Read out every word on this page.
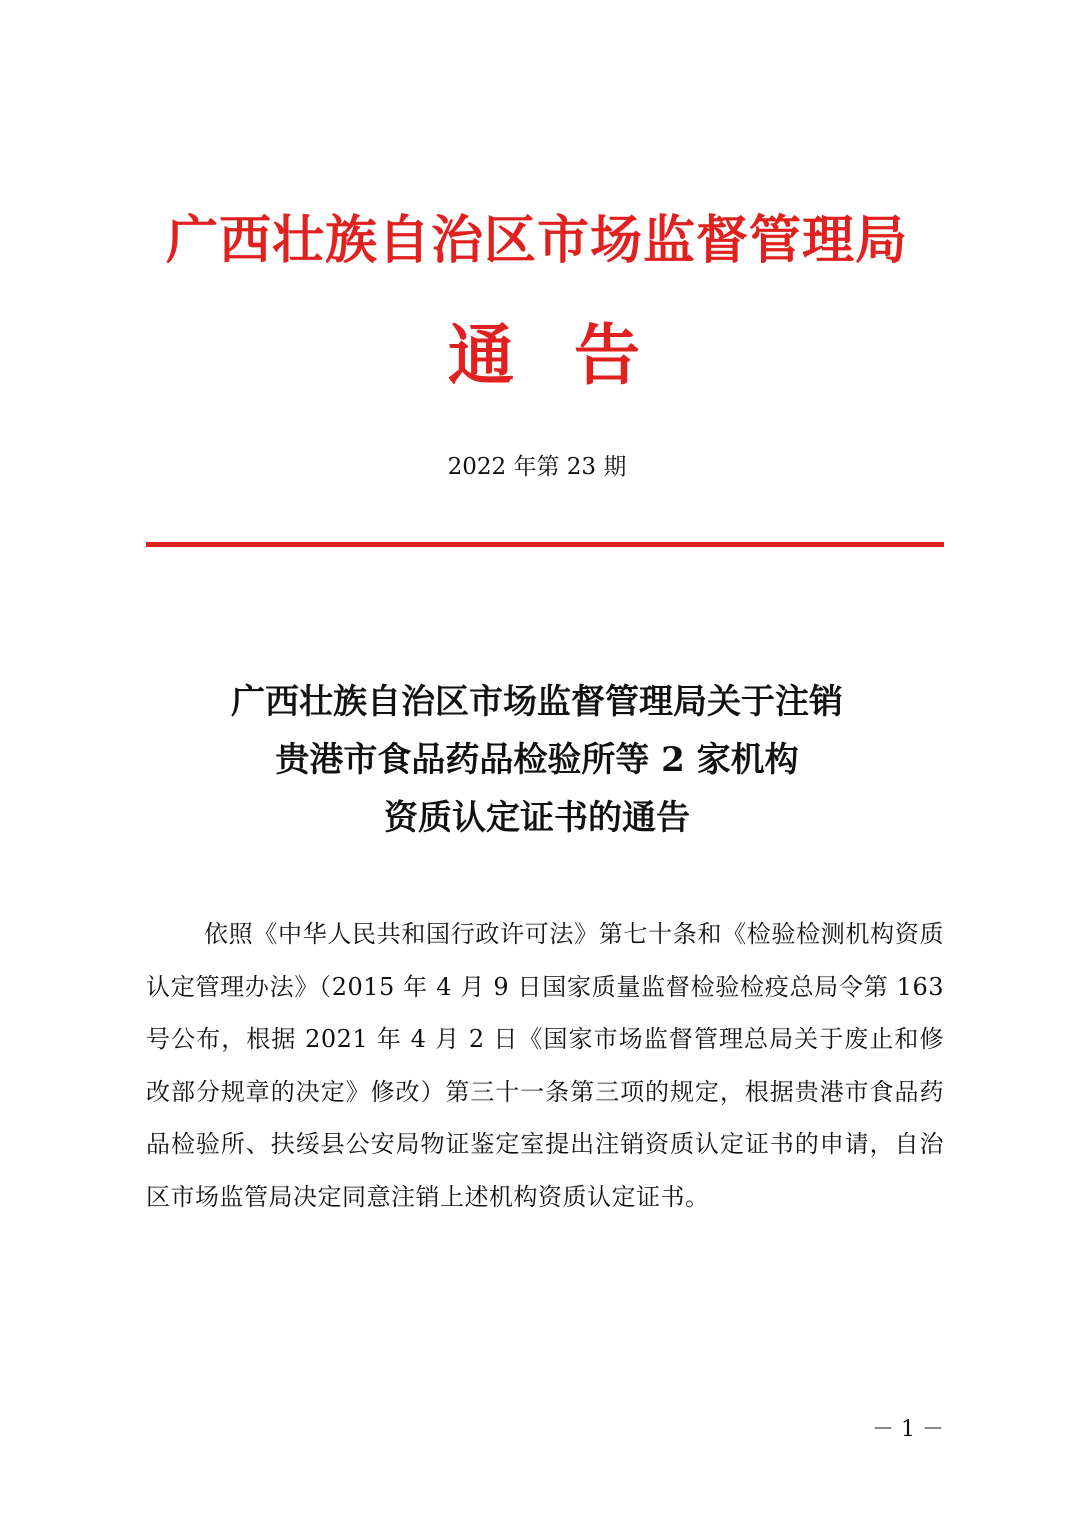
广西壮族自治区市场监督管理局
通 告
2022 年第 23 期
广西壮族自治区市场监督管理局关于注销
贵港市食品药品检验所等 2 家机构
资质认定证书的通告

依照《中华人民共和国行政许可法》第七十条和《检验检测机构资质认定管理办法》（2015 年 4 月 9 日国家质量监督检验检疫总局令第 163 号公布，根据 2021 年 4 月 2 日《国家市场监督管理总局关于废止和修改部分规章的决定》修改）第三十一条第三项的规定，根据贵港市食品药品检验所、扶绥县公安局物证鉴定室提出注销资质认定证书的申请，自治区市场监管局决定同意注销上述机构资质认定证书。

－ 1 －
